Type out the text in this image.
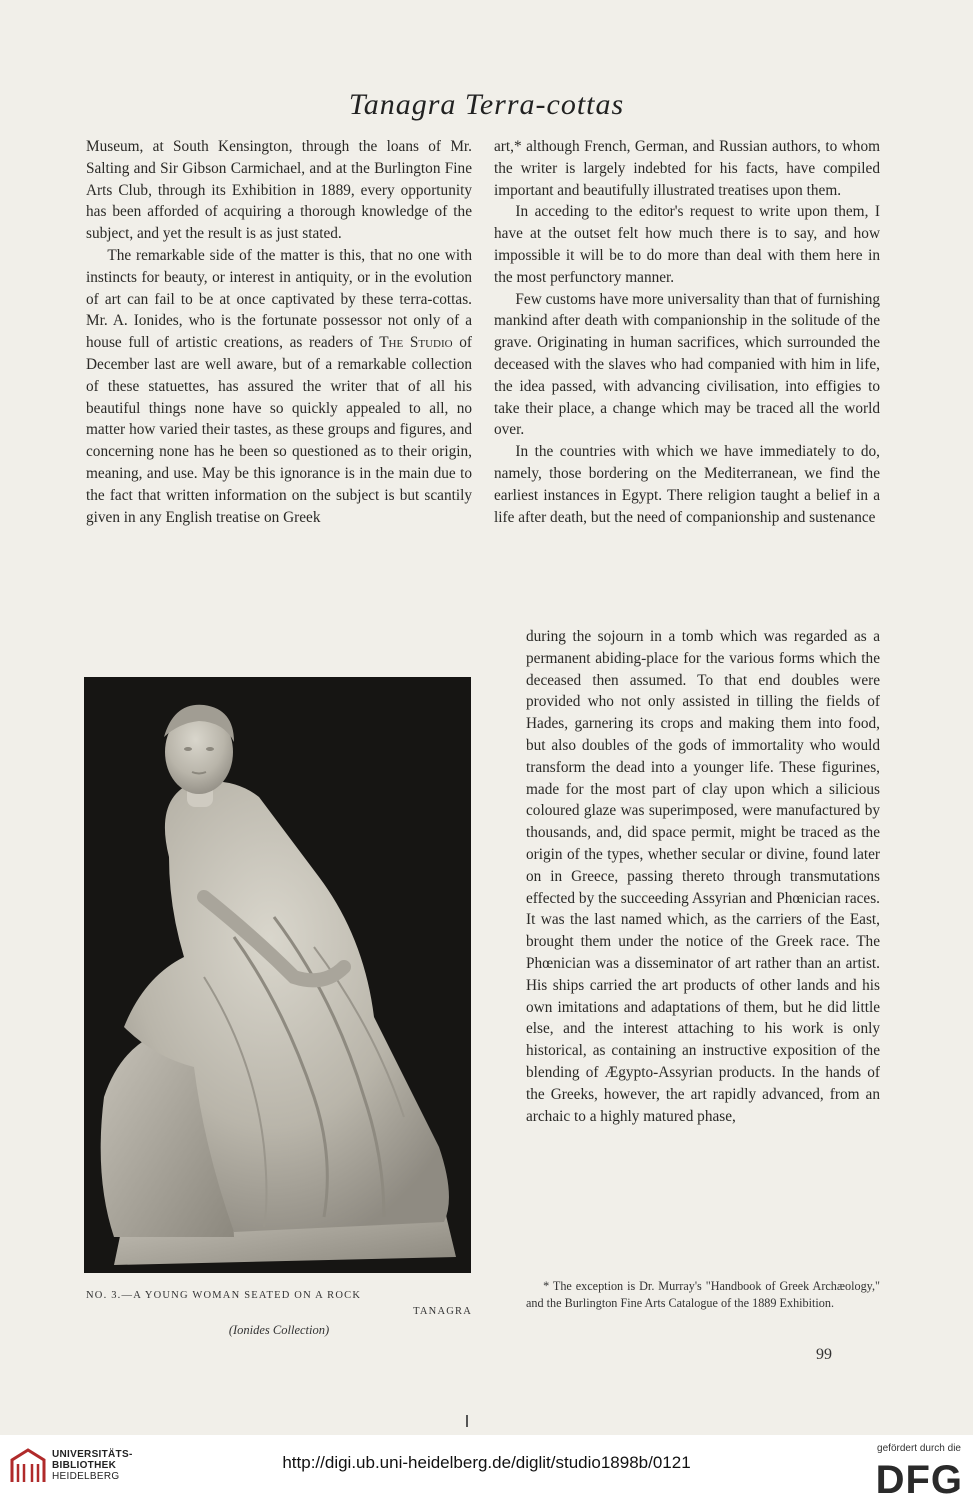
Tanagra Terra-cottas

Museum, at South Kensington, through the loans of Mr. Salting and Sir Gibson Carmichael, and at the Burlington Fine Arts Club, through its Exhibition in 1889, every opportunity has been afforded of acquiring a thorough knowledge of the subject, and yet the result is as just stated.

The remarkable side of the matter is this, that no one with instincts for beauty, or interest in antiquity, or in the evolution of art can fail to be at once captivated by these terra-cottas. Mr. A. Ionides, who is the fortunate possessor not only of a house full of artistic creations, as readers of The Studio of December last are well aware, but of a remarkable collection of these statuettes, has assured the writer that of all his beautiful things none have so quickly appealed to all, no matter how varied their tastes, as these groups and figures, and concerning none has he been so questioned as to their origin, meaning, and use. May be this ignorance is in the main due to the fact that written information on the subject is but scantily given in any English treatise on Greek

art,* although French, German, and Russian authors, to whom the writer is largely indebted for his facts, have compiled important and beautifully illustrated treatises upon them.

In acceding to the editor's request to write upon them, I have at the outset felt how much there is to say, and how impossible it will be to do more than deal with them here in the most perfunctory manner.

Few customs have more universality than that of furnishing mankind after death with companionship in the solitude of the grave. Originating in human sacrifices, which surrounded the deceased with the slaves who had companied with him in life, the idea passed, with advancing civilisation, into effigies to take their place, a change which may be traced all the world over.

In the countries with which we have immediately to do, namely, those bordering on the Mediterranean, we find the earliest instances in Egypt. There religion taught a belief in a life after death, but the need of companionship and sustenance

during the sojourn in a tomb which was regarded as a permanent abiding-place for the various forms which the deceased then assumed. To that end doubles were provided who not only assisted in tilling the fields of Hades, garnering its crops and making them into food, but also doubles of the gods of immortality who would transform the dead into a younger life. These figurines, made for the most part of clay upon which a silicious coloured glaze was superimposed, were manufactured by thousands, and, did space permit, might be traced as the origin of the types, whether secular or divine, found later on in Greece, passing thereto through transmutations effected by the succeeding Assyrian and Phœnician races. It was the last named which, as the carriers of the East, brought them under the notice of the Greek race. The Phœnician was a disseminator of art rather than an artist. His ships carried the art products of other lands and his own imitations and adaptations of them, but he did little else, and the interest attaching to his work is only historical, as containing an instructive exposition of the blending of Ægypto-Assyrian products. In the hands of the Greeks, however, the art rapidly advanced, from an archaic to a highly matured phase,

NO. 3.—A YOUNG WOMAN SEATED ON A ROCK
TANAGRA
(Ionides Collection)

* The exception is Dr. Murray's "Handbook of Greek Archæology," and the Burlington Fine Arts Catalogue of the 1889 Exhibition.

99
UNIVERSITÄTS-
BIBLIOTHEK
HEIDELBERG
http://digi.ub.uni-heidelberg.de/diglit/studio1898b/0121
gefördert durch die
DFG
